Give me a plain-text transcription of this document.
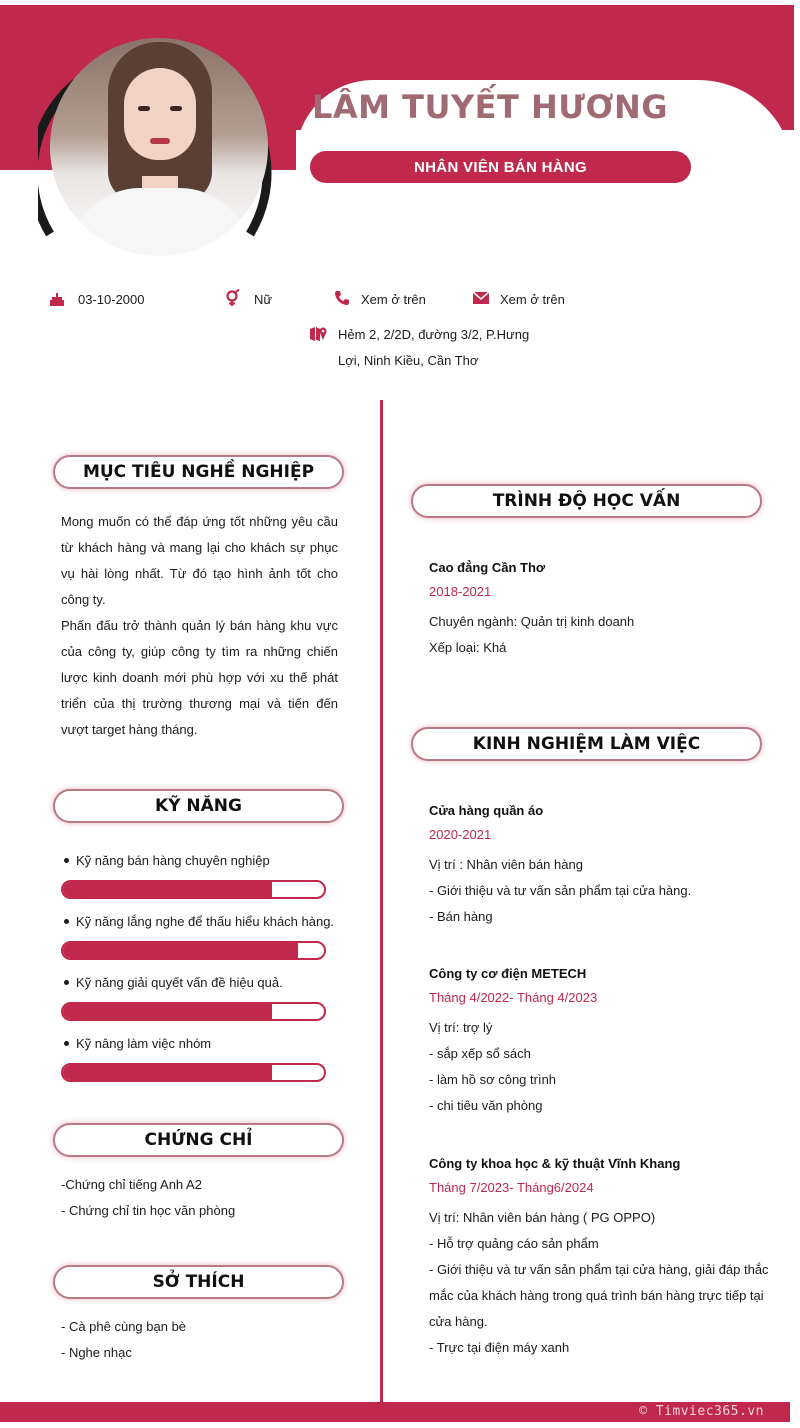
LÂM TUYẾT HƯƠNG
NHÂN VIÊN BÁN HÀNG
03-10-2000	Nữ	Xem ở trên	Xem ở trên
Hẻm 2, 2/2D, đường 3/2, P.Hưng
Lợi, Ninh Kiều, Cần Thơ
MỤC TIÊU NGHỀ NGHIỆP
Mong muốn có thể đáp ứng tốt những yêu cầu từ khách hàng và mang lại cho khách sự phục vụ hài lòng nhất. Từ đó tạo hình ảnh tốt cho công ty.
Phấn đấu trở thành quản lý bán hàng khu vực của công ty, giúp công ty tìm ra những chiến lược kinh doanh mới phù hợp với xu thế phát triển của thị trường thương mại và tiến đến vượt target hàng tháng.
KỸ NĂNG
Kỹ năng bán hàng chuyên nghiệp
Kỹ năng lắng nghe để thấu hiểu khách hàng.
Kỹ năng giải quyết vấn đề hiệu quả.
Kỹ nâng làm việc nhóm
CHỨNG CHỈ
-Chứng chỉ tiếng Anh A2
- Chứng chỉ tin học văn phòng
SỞ THÍCH
- Cà phê cùng bạn bè
- Nghe nhạc
TRÌNH ĐỘ HỌC VẤN
Cao đẳng Cần Thơ
2018-2021
Chuyên ngành: Quản trị kinh doanh
Xếp loại: Khá
KINH NGHIỆM LÀM VIỆC
Cửa hàng quần áo
2020-2021
Vị trí : Nhân viên bán hàng
- Giới thiệu và tư vấn sản phẩm tại cửa hàng.
- Bán hàng
Công ty cơ điện METECH
Tháng 4/2022- Tháng 4/2023
Vị trí: trợ lý
- sắp xếp sổ sách
- làm hồ sơ công trình
- chi tiêu văn phòng
Công ty khoa học & kỹ thuật Vĩnh Khang
Tháng 7/2023- Tháng6/2024
Vị trí: Nhân viên bán hàng ( PG OPPO)
- Hỗ trợ quảng cáo sản phẩm
- Giới thiệu và tư vấn sản phẩm tại cửa hàng, giải đáp thắc mắc của khách hàng trong quá trình bán hàng trực tiếp tại cửa hàng.
- Trực tại điện máy xanh
© Timviec365.vn
